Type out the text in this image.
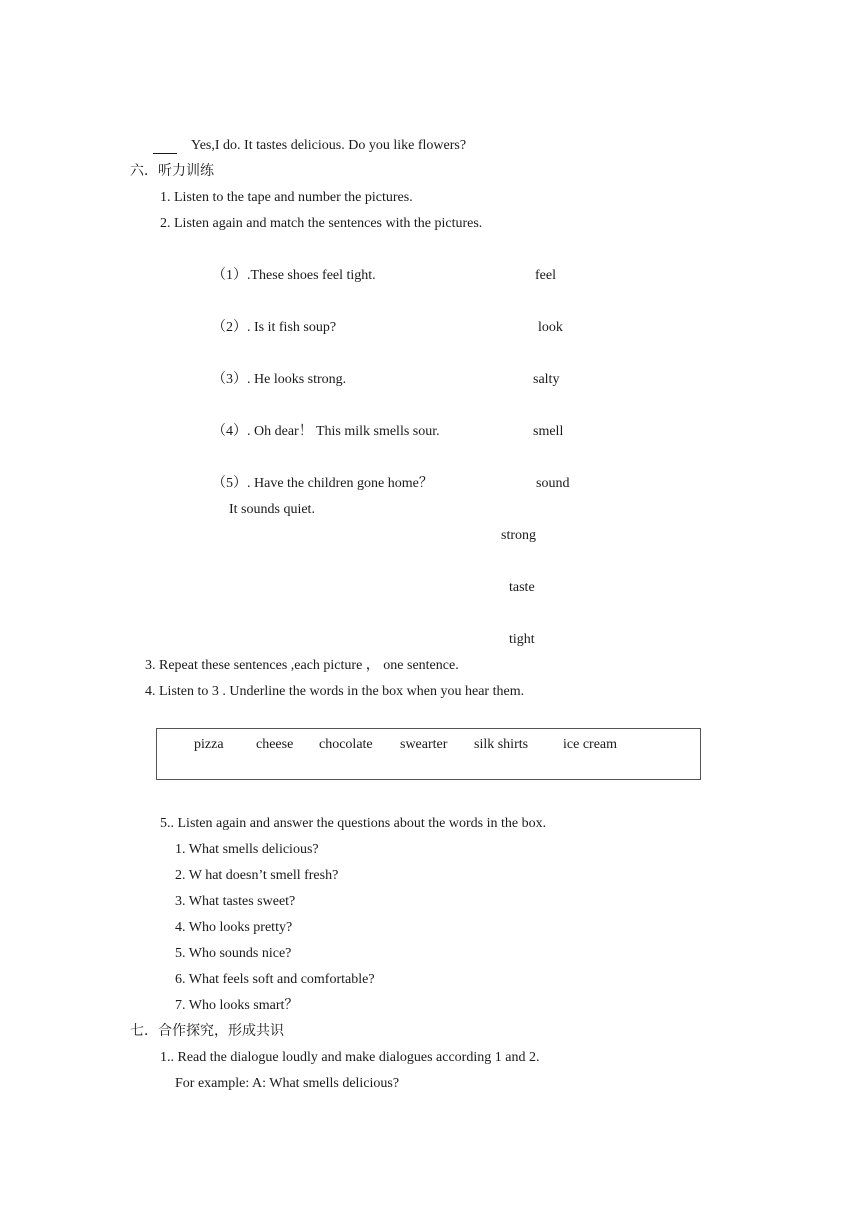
Yes,I do. It tastes delicious. Do you like flowers?
六．听力训练
1. Listen to the tape and number the pictures.
2. Listen again and match the sentences with the pictures.
（1）.These shoes feel tight.
（2）. Is it fish soup?
（3）. He looks strong.
（4）. Oh dear！ This milk smells sour.
（5）. Have the children gone home？
It sounds quiet.
feel
look
salty
smell
sound
strong
taste
tight
3. Repeat these sentences ,each picture ， one sentence.
4. Listen to 3 . Underline the words in the box when you hear them.
pizza cheese chocolate swearter silk shirts ice cream
5.. Listen again and answer the questions about the words in the box.
1. What smells delicious?
2. W hat doesn’t smell fresh?
3. What tastes sweet?
4. Who looks pretty?
5. Who sounds nice?
6. What feels soft and comfortable?
7. Who looks smart？
七．合作探究，形成共识
1.. Read the dialogue loudly and make dialogues according 1 and 2.
For example: A: What smells delicious?
